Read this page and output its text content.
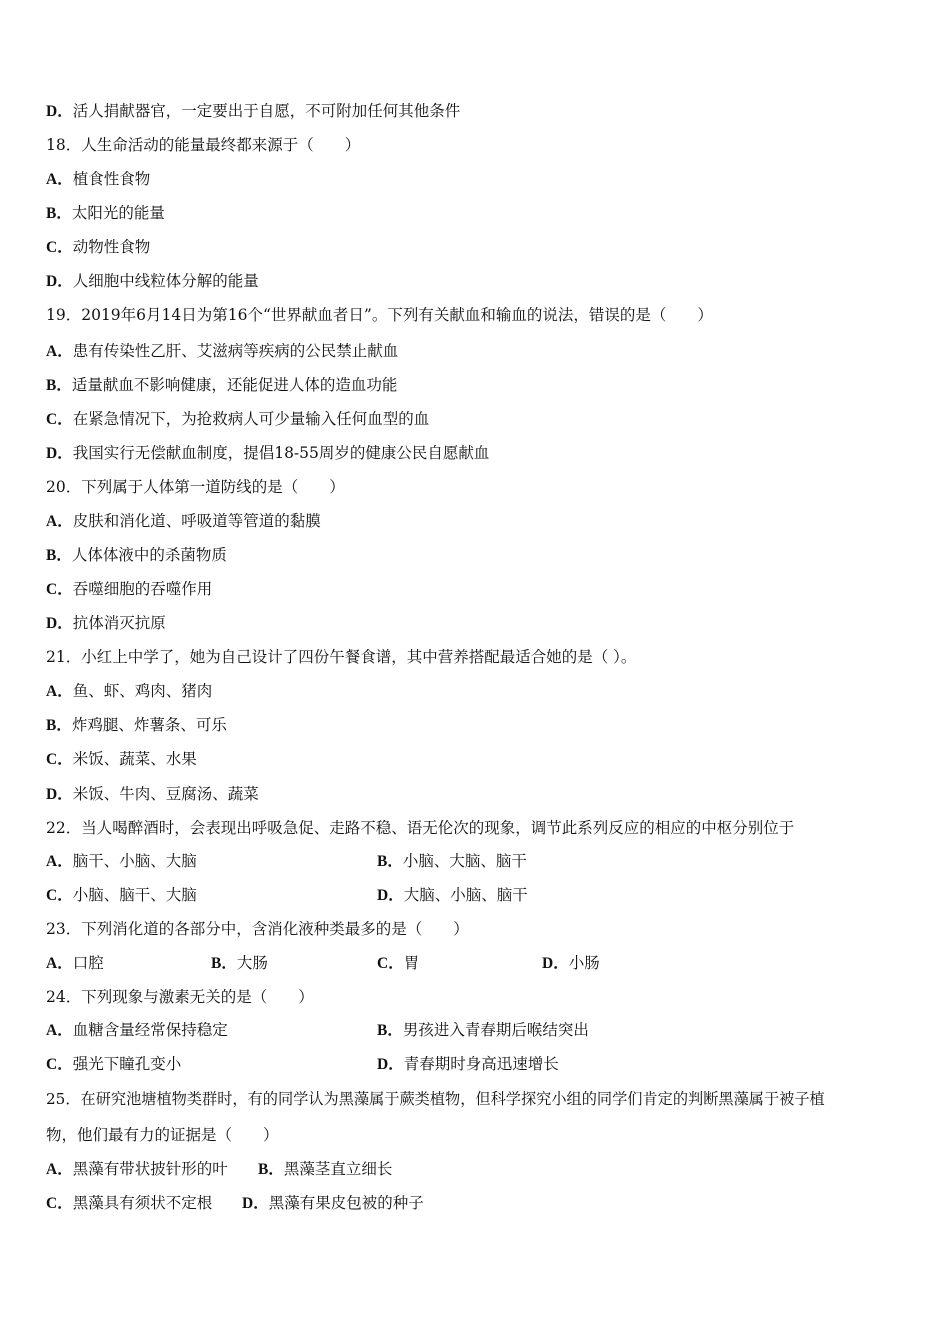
D．活人捐献器官，一定要出于自愿，不可附加任何其他条件
18．人生命活动的能量最终都来源于（　　）
A．植食性食物
B．太阳光的能量
C．动物性食物
D．人细胞中线粒体分解的能量
19．2019年6月14日为第16个“世界献血者日”。下列有关献血和输血的说法，错误的是（　　）
A．患有传染性乙肝、艾滋病等疾病的公民禁止献血
B．适量献血不影响健康，还能促进人体的造血功能
C．在紧急情况下，为抢救病人可少量输入任何血型的血
D．我国实行无偿献血制度，提倡18-55周岁的健康公民自愿献血
20．下列属于人体第一道防线的是（　　）
A．皮肤和消化道、呼吸道等管道的黏膜
B．人体体液中的杀菌物质
C．吞噬细胞的吞噬作用
D．抗体消灭抗原
21．小红上中学了，她为自己设计了四份午餐食谱，其中营养搭配最适合她的是（ ）。
A．鱼、虾、鸡肉、猪肉
B．炸鸡腿、炸薯条、可乐
C．米饭、蔬菜、水果
D．米饭、牛肉、豆腐汤、蔬菜
22．当人喝醉酒时，会表现出呼吸急促、走路不稳、语无伦次的现象，调节此系列反应的相应的中枢分别位于
A．脑干、小脑、大脑	B．小脑、大脑、脑干
C．小脑、脑干、大脑	D．大脑、小脑、脑干
23．下列消化道的各部分中，含消化液种类最多的是（　　）
A．口腔	B．大肠	C．胃	D．小肠
24．下列现象与激素无关的是（　　）
A．血糖含量经常保持稳定	B．男孩进入青春期后喉结突出
C．强光下瞳孔变小	D．青春期时身高迅速增长
25．在研究池塘植物类群时，有的同学认为黑藻属于蕨类植物，但科学探究小组的同学们肯定的判断黑藻属于被子植
物，他们最有力的证据是（　　）
A．黑藻有带状披针形的叶 B．黑藻茎直立细长
C．黑藻具有须状不定根 D．黑藻有果皮包被的种子
